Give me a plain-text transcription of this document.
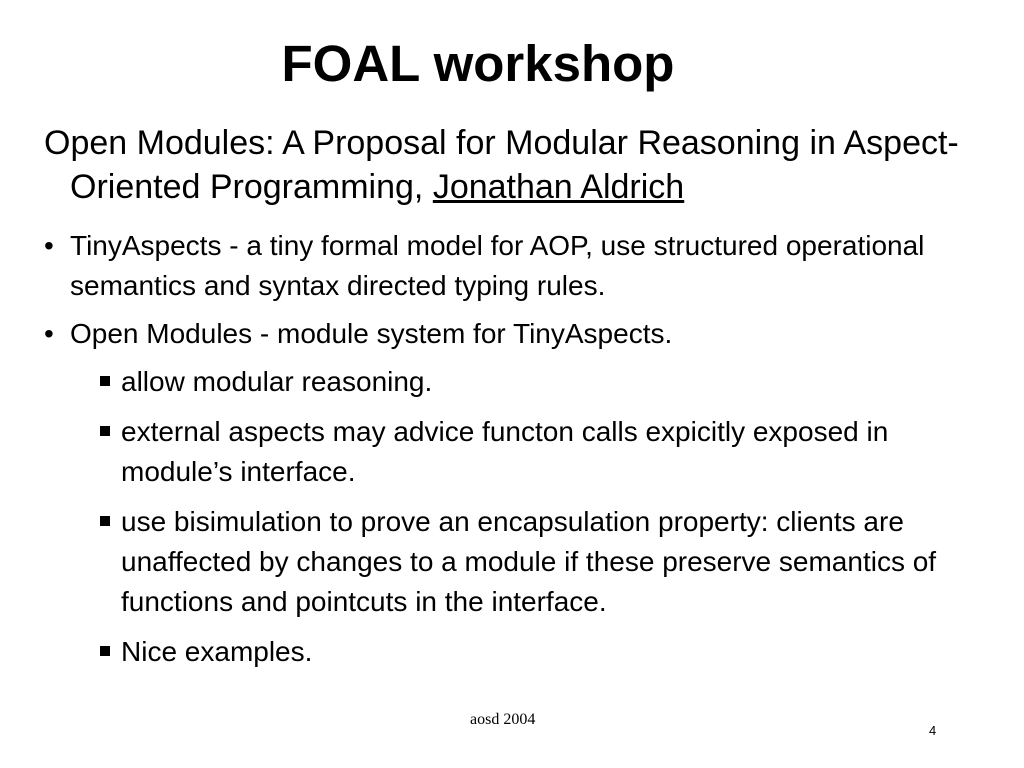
FOAL workshop

Open Modules: A Proposal for Modular Reasoning in Aspect-Oriented Programming, Jonathan Aldrich

• TinyAspects - a tiny formal model for AOP, use structured operational semantics and syntax directed typing rules.
• Open Modules - module system for TinyAspects.
allow modular reasoning.
external aspects may advice functon calls expicitly exposed in module’s interface.
use bisimulation to prove an encapsulation property: clients are unaffected by changes to a module if these preserve semantics of functions and pointcuts in the interface.
Nice examples.
aosd 2004
4
